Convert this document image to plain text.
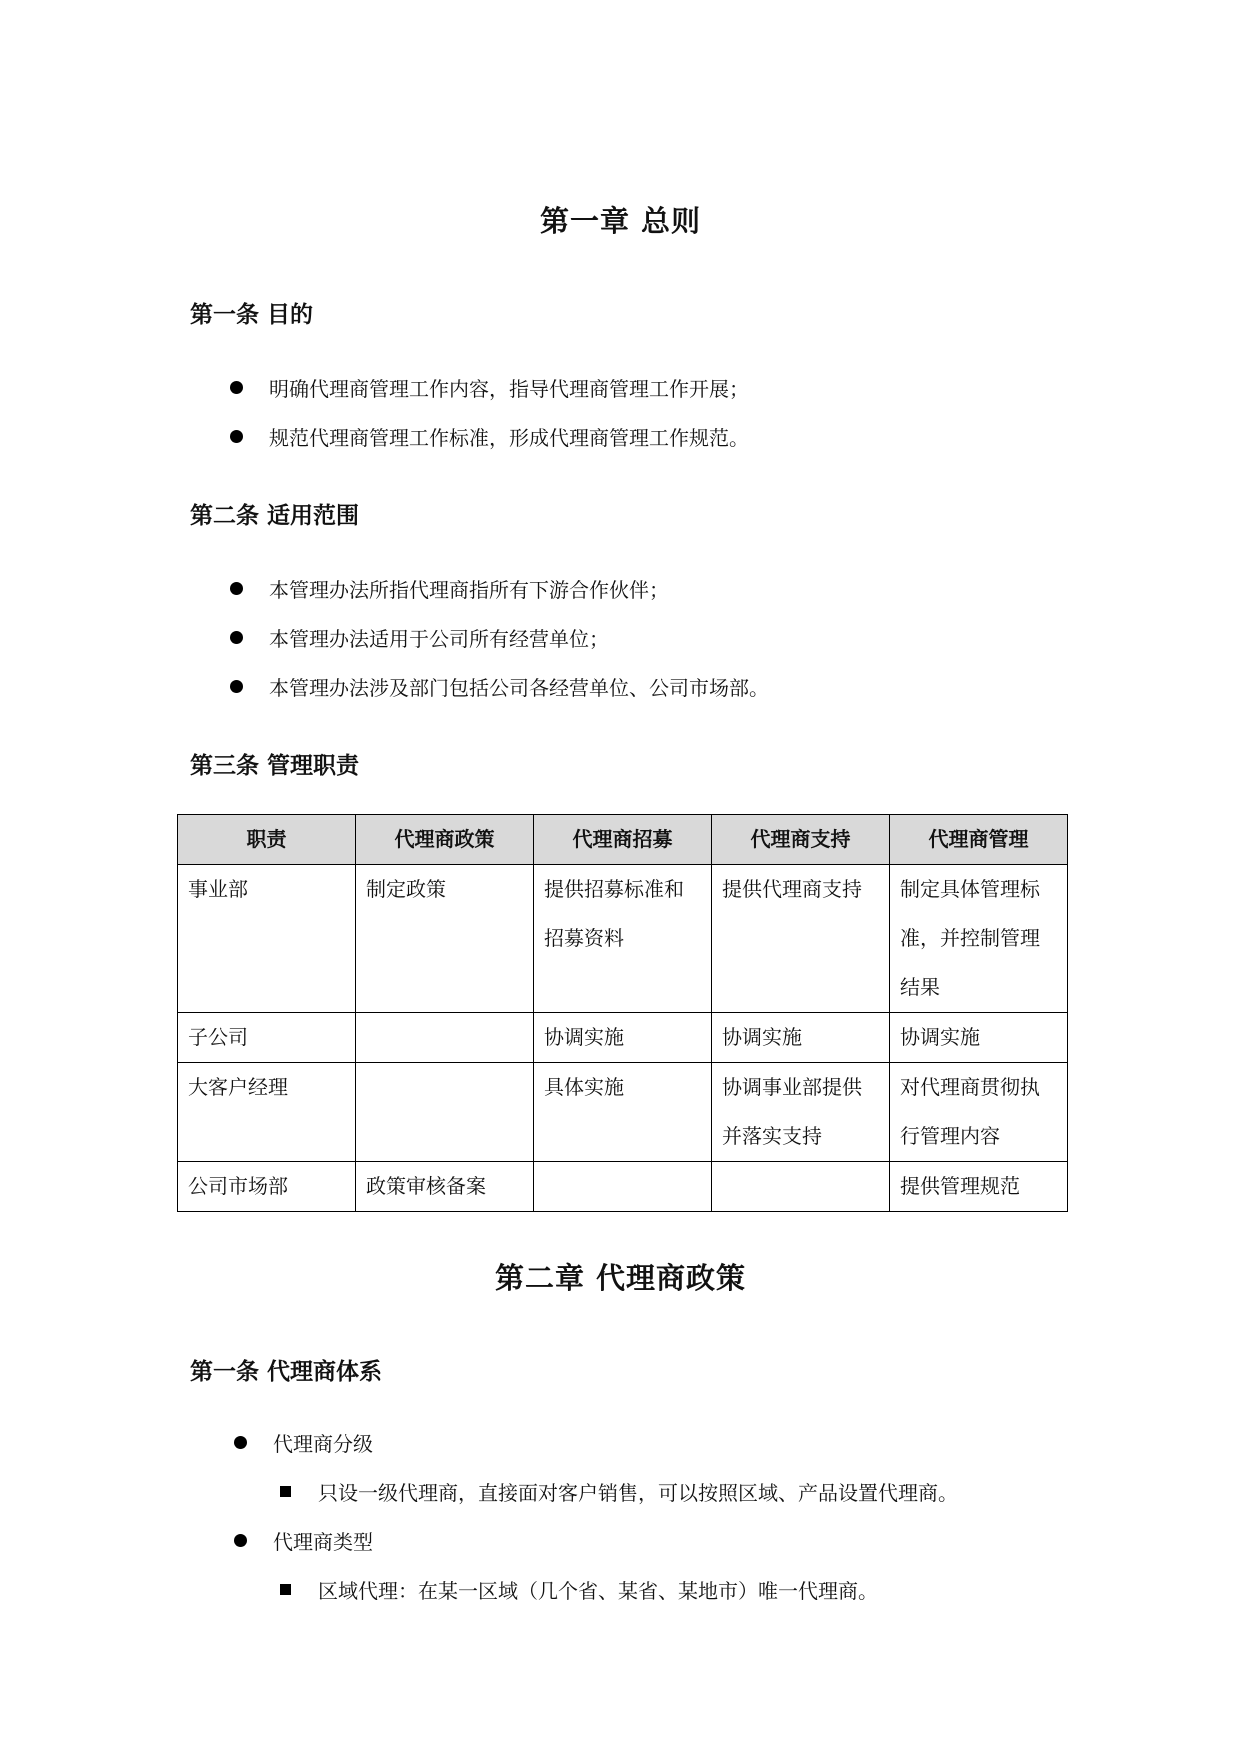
第一章 总则
第一条 目的
明确代理商管理工作内容，指导代理商管理工作开展；
规范代理商管理工作标准，形成代理商管理工作规范。
第二条 适用范围
本管理办法所指代理商指所有下游合作伙伴；
本管理办法适用于公司所有经营单位；
本管理办法涉及部门包括公司各经营单位、公司市场部。
第三条 管理职责
职责	代理商政策	代理商招募	代理商支持	代理商管理
事业部	制定政策	提供招募标准和招募资料	提供代理商支持	制定具体管理标准，并控制管理结果
子公司		协调实施	协调实施	协调实施
大客户经理		具体实施	协调事业部提供并落实支持	对代理商贯彻执行管理内容
公司市场部	政策审核备案			提供管理规范
第二章 代理商政策
第一条 代理商体系
代理商分级
只设一级代理商，直接面对客户销售，可以按照区域、产品设置代理商。
代理商类型
区域代理：在某一区域（几个省、某省、某地市）唯一代理商。
